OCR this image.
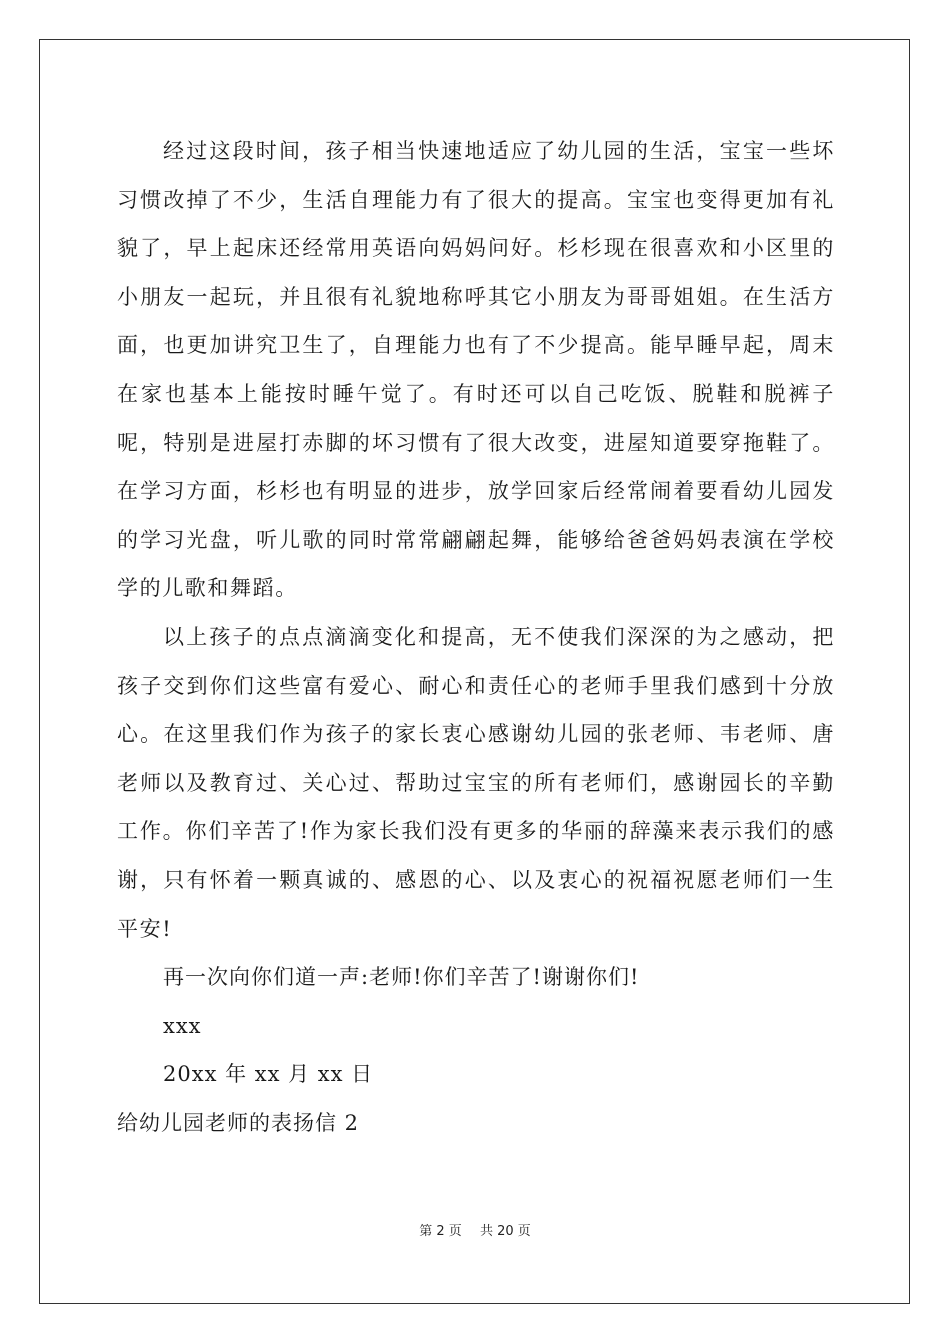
经过这段时间，孩子相当快速地适应了幼儿园的生活，宝宝一些坏习惯改掉了不少，生活自理能力有了很大的提高。宝宝也变得更加有礼貌了，早上起床还经常用英语向妈妈问好。杉杉现在很喜欢和小区里的小朋友一起玩，并且很有礼貌地称呼其它小朋友为哥哥姐姐。在生活方面，也更加讲究卫生了，自理能力也有了不少提高。能早睡早起，周末在家也基本上能按时睡午觉了。有时还可以自己吃饭、脱鞋和脱裤子呢，特别是进屋打赤脚的坏习惯有了很大改变，进屋知道要穿拖鞋了。在学习方面，杉杉也有明显的进步，放学回家后经常闹着要看幼儿园发的学习光盘，听儿歌的同时常常翩翩起舞，能够给爸爸妈妈表演在学校学的儿歌和舞蹈。

以上孩子的点点滴滴变化和提高，无不使我们深深的为之感动，把孩子交到你们这些富有爱心、耐心和责任心的老师手里我们感到十分放心。在这里我们作为孩子的家长衷心感谢幼儿园的张老师、韦老师、唐老师以及教育过、关心过、帮助过宝宝的所有老师们，感谢园长的辛勤工作。你们辛苦了!作为家长我们没有更多的华丽的辞藻来表示我们的感谢，只有怀着一颗真诚的、感恩的心、以及衷心的祝福祝愿老师们一生平安!

再一次向你们道一声:老师!你们辛苦了!谢谢你们!

xxx

20xx 年 xx 月 xx 日

给幼儿园老师的表扬信 2

第 2 页 共 20 页
